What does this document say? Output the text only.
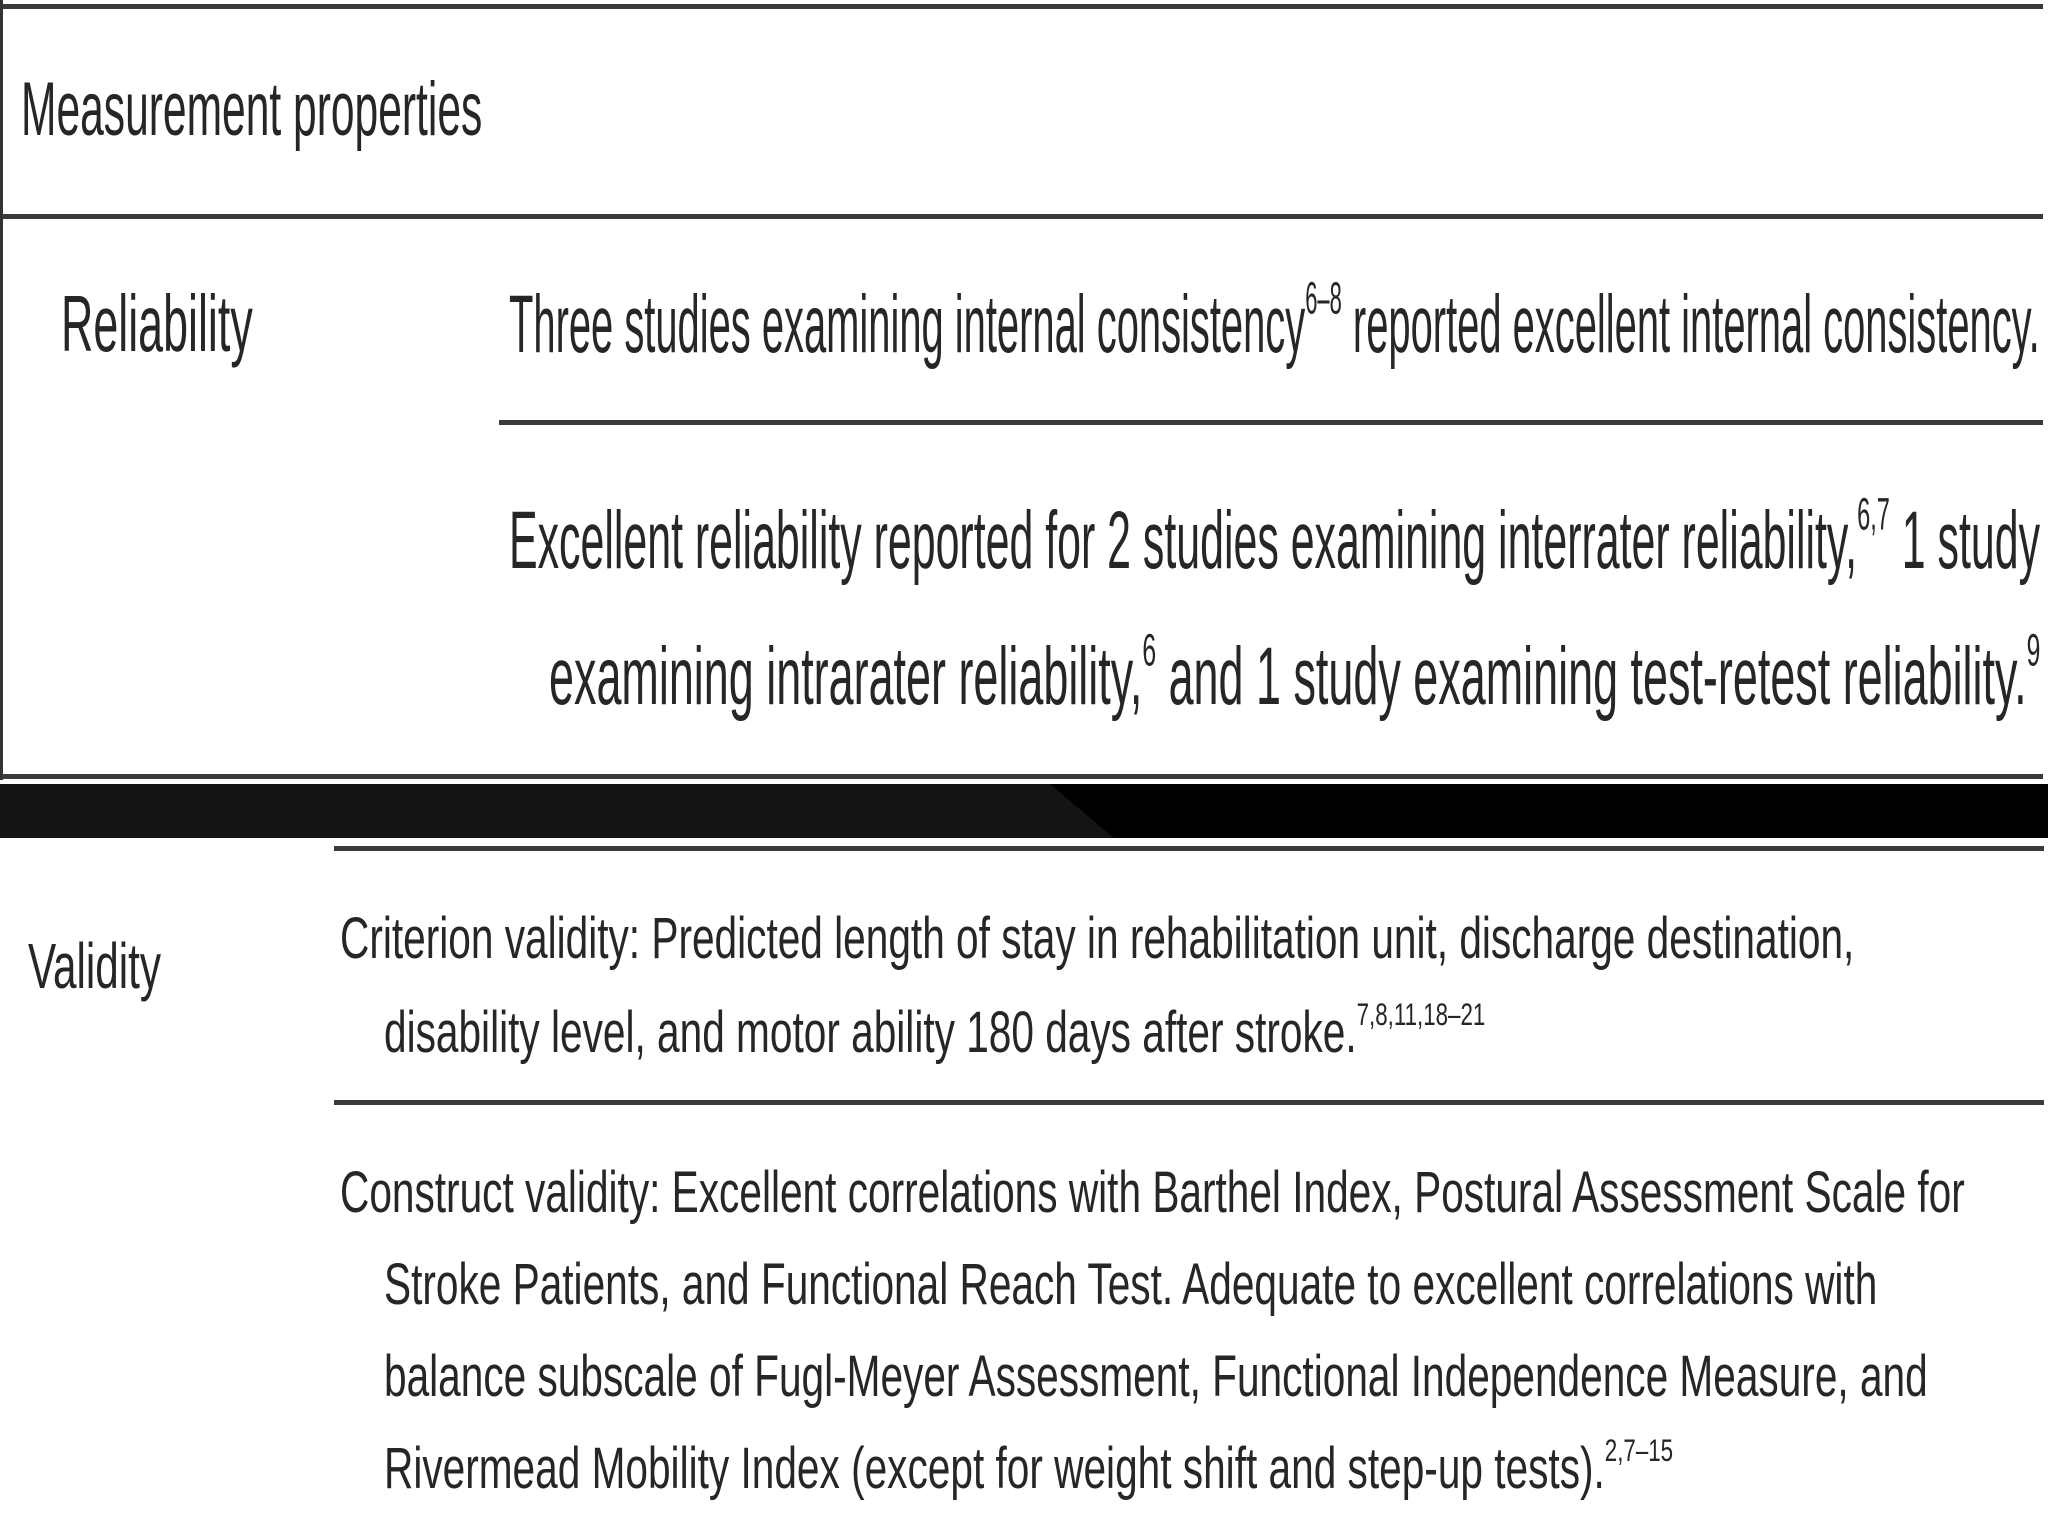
Measurement properties
Reliability	Three studies examining internal consistency$^{6-8}$ reported excellent internal consistency.
Excellent reliability reported for 2 studies examining interrater reliability,$^{6,7}$ 1 study
examining intrarater reliability,$^6$ and 1 study examining test-retest reliability.$^9$
Validity	Criterion validity: Predicted length of stay in rehabilitation unit, discharge destination,
disability level, and motor ability 180 days after stroke.$^{7,8,11,18-21}$
Construct validity: Excellent correlations with Barthel Index, Postural Assessment Scale for
Stroke Patients, and Functional Reach Test. Adequate to excellent correlations with
balance subscale of Fugl-Meyer Assessment, Functional Independence Measure, and
Rivermead Mobility Index (except for weight shift and step-up tests).$^{2,7-15}$
